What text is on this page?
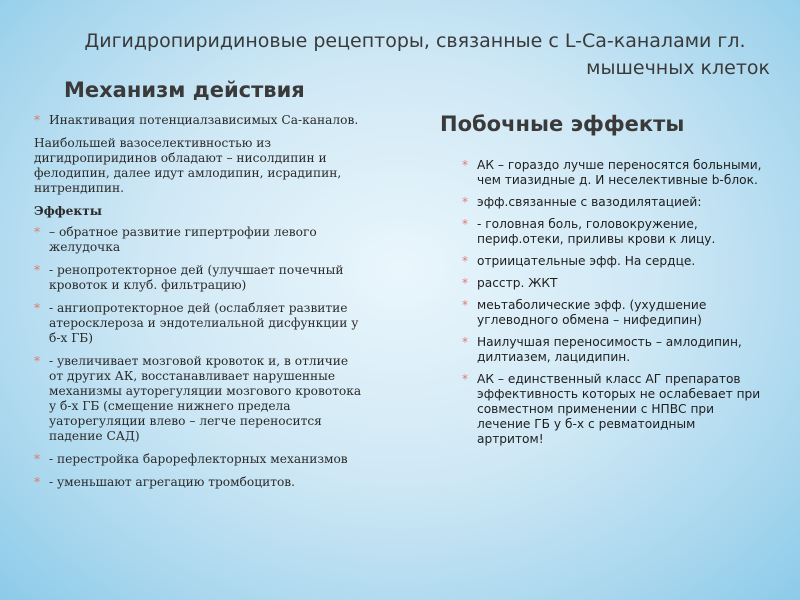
Дигидропиридиновые рецепторы, связанные с L-Ca-каналами гл.
мышечных клеток
Механизм действия
Побочные эффекты
* Инактивация потенциалзависимых Ca-каналов.
Наибольшей вазоселективностью из дигидропиридинов обладают – нисолдипин и фелодипин, далее идут амлодипин, исрадипин, нитрендипин.
Эффекты
* – обратное развитие гипертрофии левого желудочка
* - ренопротекторное дей (улучшает почечный кровоток и клуб. фильтрацию)
* - ангиопротекторное дей (ослабляет развитие атеросклероза и эндотелиальной дисфункции у б-х ГБ)
* - увеличивает мозговой кровоток и, в отличие от других АК, восстанавливает нарушенные механизмы ауторегуляции мозгового кровотока у б-х ГБ (смещение нижнего предела уаторегуляции влево – легче переносится падение САД)
* - перестройка барорефлекторных механизмов
* - уменьшают агрегацию тромбоцитов.
* АК – гораздо лучше переносятся больными, чем тиазидные д. И неселективные b-блок.
* эфф.связанные с вазодилятацией:
* - головная боль, головокружение, периф.отеки, приливы крови к лицу.
* отриицательные эфф. На сердце.
* расстр. ЖКТ
* меьтаболические эфф. (ухудшение углеводного обмена – нифедипин)
* Наилучшая переносимость – амлодипин, дилтиазем, лацидипин.
* АК – единственный класс АГ препаратов эффективность которых не ослабевает при совместном применении с НПВС при лечение ГБ у б-х с ревматоидным артритом!
